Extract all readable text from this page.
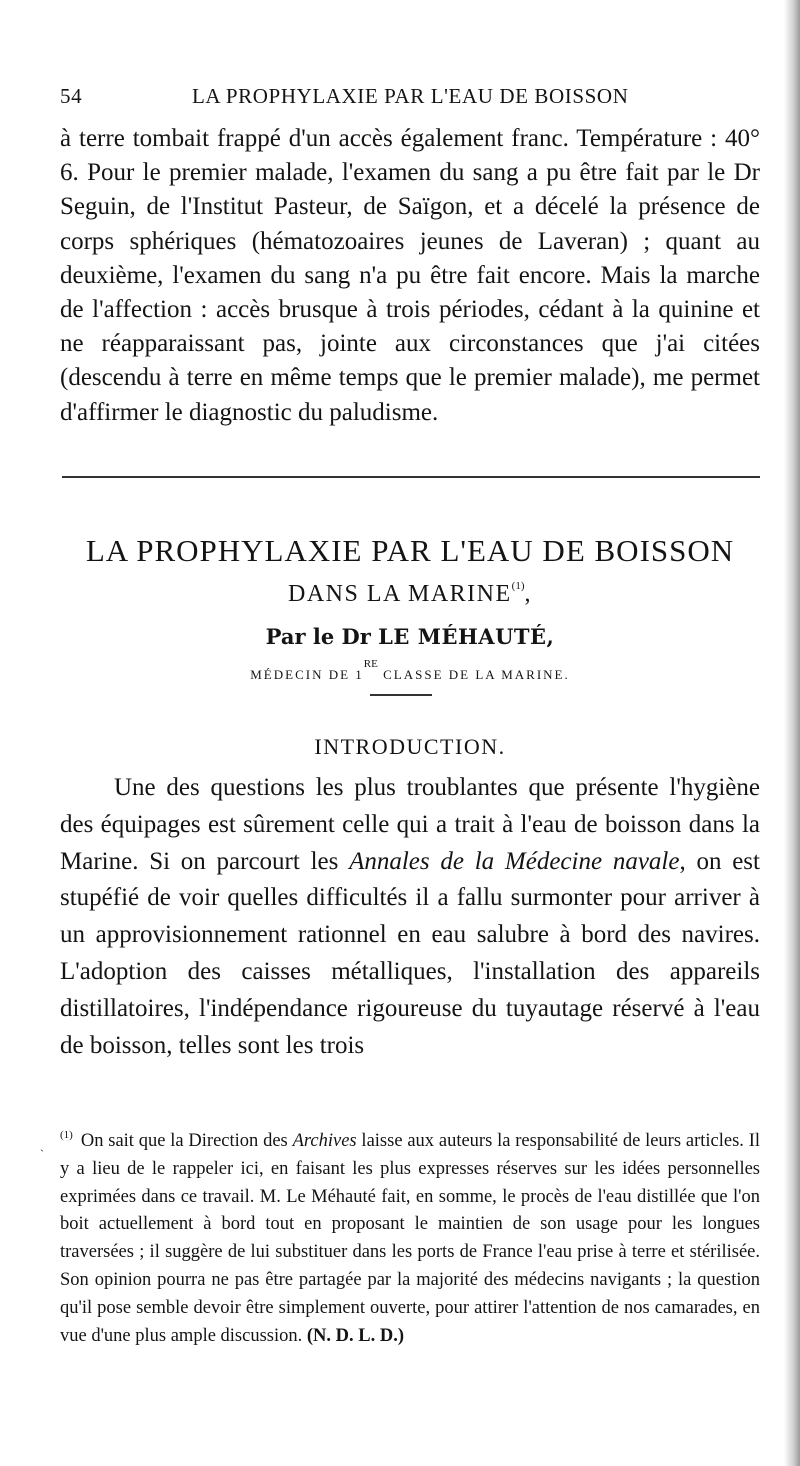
54	LA PROPHYLAXIE PAR L'EAU DE BOISSON

à terre tombait frappé d'un accès également franc. Température : 40° 6. Pour le premier malade, l'examen du sang a pu être fait par le Dr Seguin, de l'Institut Pasteur, de Saïgon, et a décelé la présence de corps sphériques (hématozoaires jeunes de Laveran) ; quant au deuxième, l'examen du sang n'a pu être fait encore. Mais la marche de l'affection : accès brusque à trois périodes, cédant à la quinine et ne réapparaissant pas, jointe aux circonstances que j'ai citées (descendu à terre en même temps que le premier malade), me permet d'affirmer le diagnostic du paludisme.

LA PROPHYLAXIE PAR L'EAU DE BOISSON
DANS LA MARINE$^{(1)}$,
Par le Dr LE MÉHAUTÉ,
MÉDECIN DE 1RE CLASSE DE LA MARINE.
INTRODUCTION.

Une des questions les plus troublantes que présente l'hygiène des équipages est sûrement celle qui a trait à l'eau de boisson dans la Marine. Si on parcourt les Annales de la Médecine navale, on est stupéfié de voir quelles difficultés il a fallu surmonter pour arriver à un approvisionnement rationnel en eau salubre à bord des navires. L'adoption des caisses métalliques, l'installation des appareils distillatoires, l'indépendance rigoureuse du tuyautage réservé à l'eau de boisson, telles sont les trois

`

$^{(1)}$ On sait que la Direction des Archives laisse aux auteurs la responsabilité de leurs articles. Il y a lieu de le rappeler ici, en faisant les plus expresses réserves sur les idées personnelles exprimées dans ce travail. M. Le Méhauté fait, en somme, le procès de l'eau distillée que l'on boit actuellement à bord tout en proposant le maintien de son usage pour les longues traversées ; il suggère de lui substituer dans les ports de France l'eau prise à terre et stérilisée. Son opinion pourra ne pas être partagée par la majorité des médecins navigants ; la question qu'il pose semble devoir être simplement ouverte, pour attirer l'attention de nos camarades, en vue d'une plus ample discussion. (N. D. L. D.)
